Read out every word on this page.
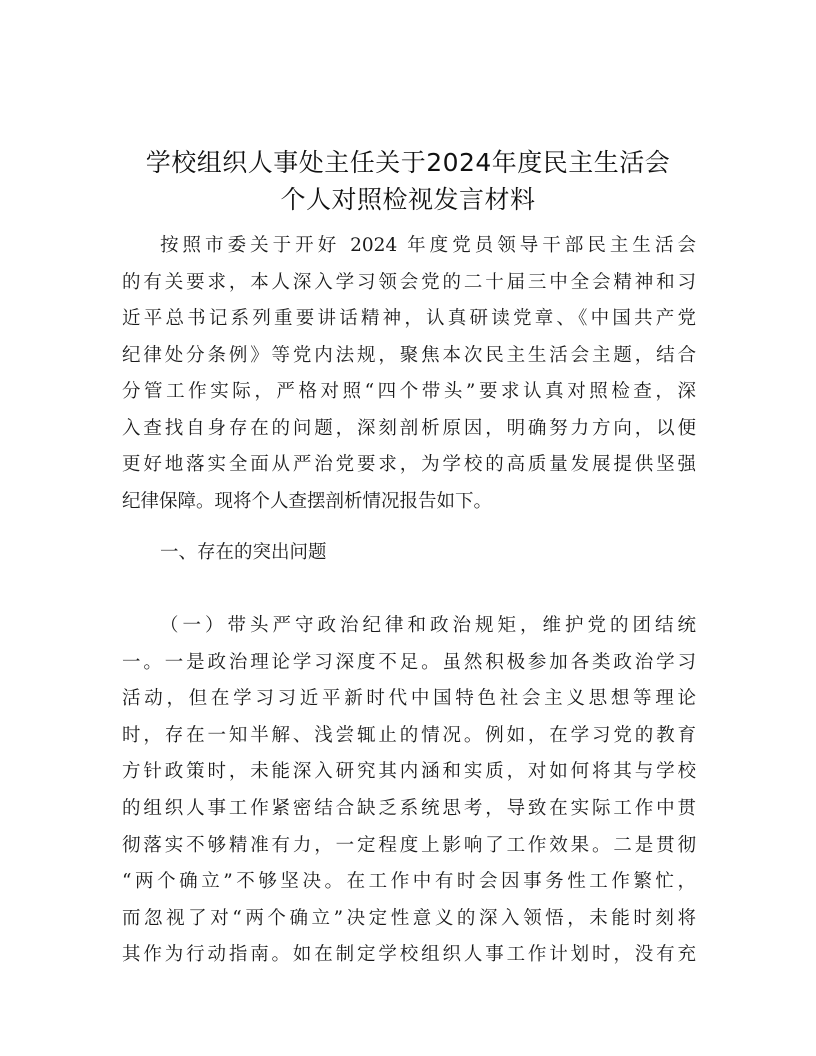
学校组织人事处主任关于2024年度民主生活会
个人对照检视发言材料
按照市委关于开好 2024 年度党员领导干部民主生活会
的有关要求，本人深入学习领会党的二十届三中全会精神和习
近平总书记系列重要讲话精神，认真研读党章、《中国共产党
纪律处分条例》等党内法规，聚焦本次民主生活会主题，结合
分管工作实际，严格对照“四个带头”要求认真对照检查，深
入查找自身存在的问题，深刻剖析原因，明确努力方向，以便
更好地落实全面从严治党要求，为学校的高质量发展提供坚强
纪律保障。现将个人查摆剖析情况报告如下。
一、存在的突出问题
（一）带头严守政治纪律和政治规矩，维护党的团结统
一。一是政治理论学习深度不足。虽然积极参加各类政治学习
活动，但在学习习近平新时代中国特色社会主义思想等理论
时，存在一知半解、浅尝辄止的情况。例如，在学习党的教育
方针政策时，未能深入研究其内涵和实质，对如何将其与学校
的组织人事工作紧密结合缺乏系统思考，导致在实际工作中贯
彻落实不够精准有力，一定程度上影响了工作效果。二是贯彻
“两个确立”不够坚决。在工作中有时会因事务性工作繁忙，
而忽视了对“两个确立”决定性意义的深入领悟，未能时刻将
其作为行动指南。如在制定学校组织人事工作计划时，没有充
